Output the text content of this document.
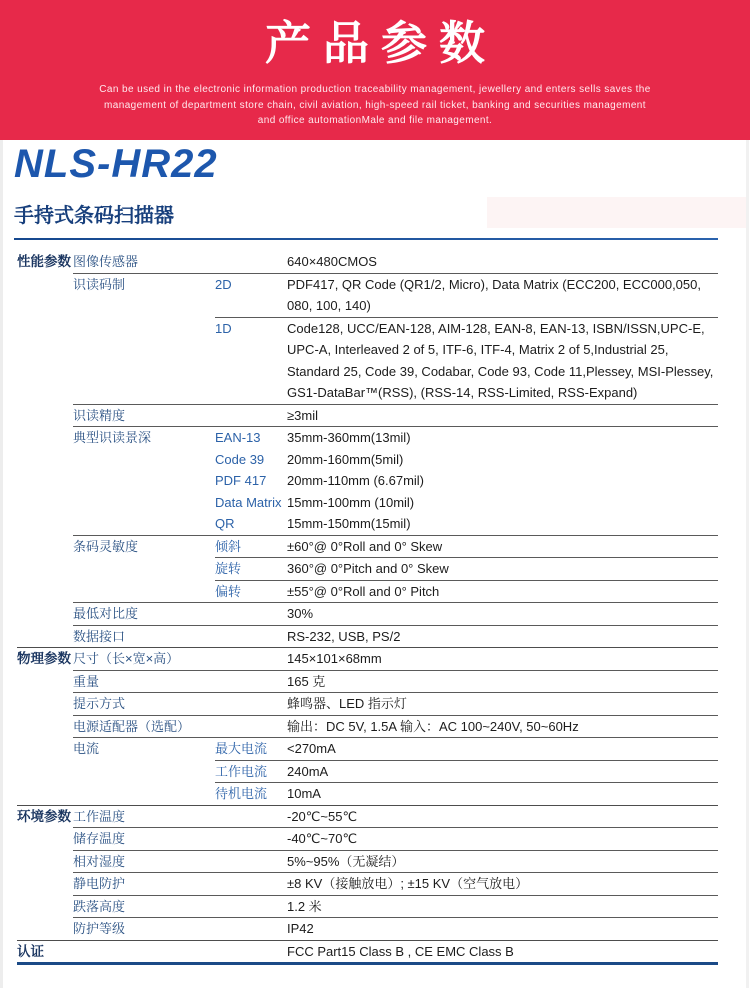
产品参数
Can be used in the electronic information production traceability management, jewellery and enters sells saves the
management of department store chain, civil aviation, high-speed rail ticket, banking and securities management
and office automationMale and file management.
NLS-HR22
手持式条码扫描器
性能参数 图像传感器	640×480CMOS
识读码制	2D	PDF417, QR Code (QR1/2, Micro), Data Matrix (ECC200, ECC000,050, 080, 100, 140)
1D	Code128, UCC/EAN-128, AIM-128, EAN-8, EAN-13, ISBN/ISSN,UPC-E, UPC-A, Interleaved 2 of 5, ITF-6, ITF-4, Matrix 2 of 5,Industrial 25, Standard 25, Code 39, Codabar, Code 93, Code 11,Plessey, MSI-Plessey, GS1-DataBar™(RSS), (RSS-14, RSS-Limited, RSS-Expand)
识读精度	≥3mil
典型识读景深	EAN-13	35mm-360mm(13mil)
Code 39	20mm-160mm(5mil)
PDF 417	20mm-110mm (6.67mil)
Data Matrix 15mm-100mm (10mil)
QR	15mm-150mm(15mil)
条码灵敏度	倾斜	±60°@ 0°Roll and 0° Skew
旋转	360°@ 0°Pitch and 0° Skew
偏转	±55°@ 0°Roll and 0° Pitch
最低对比度	30%
数据接口	RS-232, USB, PS/2
物理参数 尺寸（长×宽×高）	145×101×68mm
重量	165 克
提示方式	蜂鸣器、LED 指示灯
电源适配器（选配）	输出：DC 5V, 1.5A 输入：AC 100~240V, 50~60Hz
电流	最大电流	<270mA
工作电流	240mA
待机电流	10mA
环境参数 工作温度	-20℃~55℃
储存温度	-40℃~70℃
相对湿度	5%~95%（无凝结）
静电防护	±8 KV（接触放电）; ±15 KV（空气放电）
跌落高度	1.2 米
防护等级	IP42
认证	FCC Part15 Class B , CE EMC Class B
